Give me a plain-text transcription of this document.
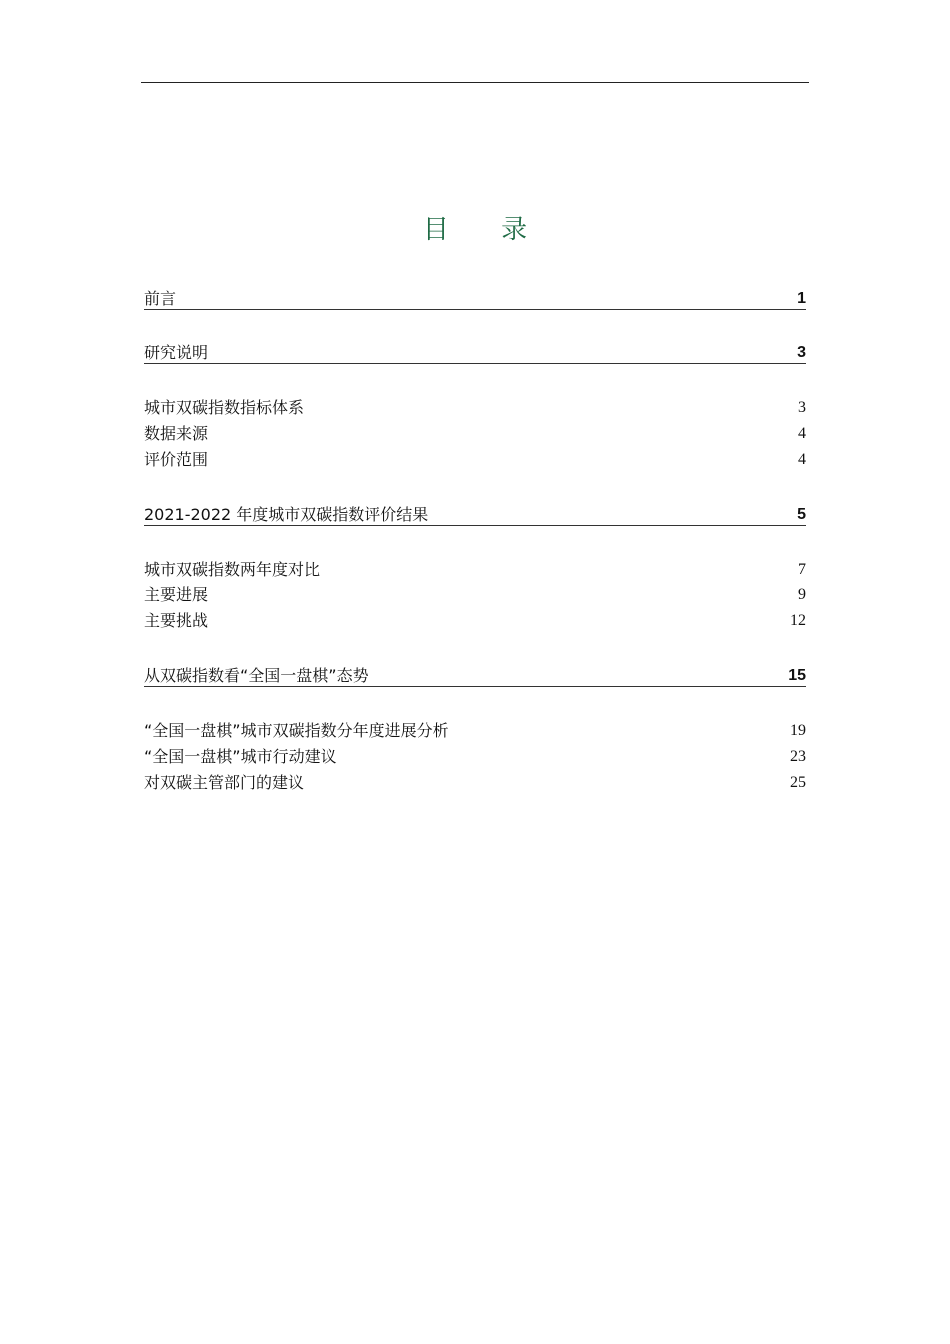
目 录
前言	1
研究说明	3
城市双碳指数指标体系	3
数据来源	4
评价范围	4
2021-2022 年度城市双碳指数评价结果	5
城市双碳指数两年度对比	7
主要进展	9
主要挑战	12
从双碳指数看“全国一盘棋”态势	15
“全国一盘棋”城市双碳指数分年度进展分析	19
“全国一盘棋”城市行动建议	23
对双碳主管部门的建议	25
